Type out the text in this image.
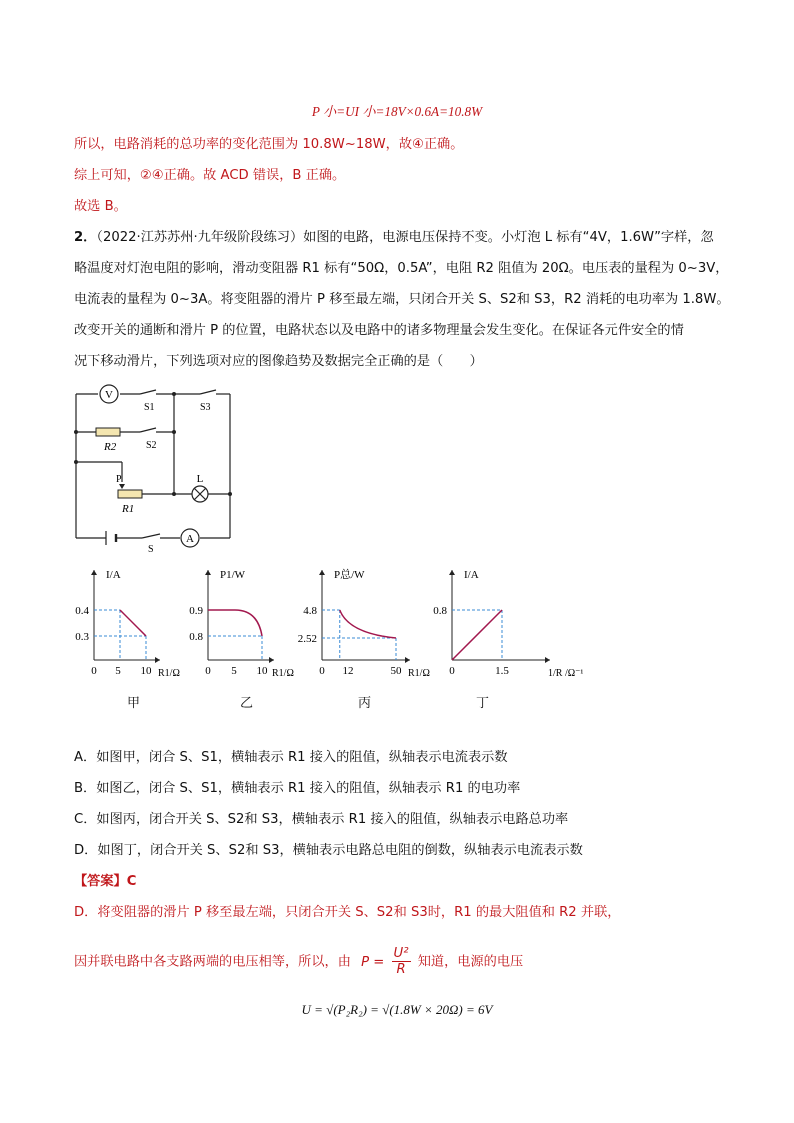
P 小=UI 小=18V×0.6A=10.8W
所以，电路消耗的总功率的变化范围为 10.8W~18W，故④正确。
综上可知，②④正确。故 ACD 错误，B 正确。
故选 B。
2．（2022·江苏苏州·九年级阶段练习）如图的电路，电源电压保持不变。小灯泡 L 标有“4V，1.6W”字样，忽
略温度对灯泡电阻的影响，滑动变阻器 R1 标有“50Ω，0.5A”，电阻 R2 阻值为 20Ω。电压表的量程为 0~3V，
电流表的量程为 0~3A。将变阻器的滑片 P 移至最左端，只闭合开关 S、S2和 S3，R2 消耗的电功率为 1.8W。
改变开关的通断和滑片 P 的位置，电路状态以及电路中的诸多物理量会发生变化。在保证各元件安全的情
况下移动滑片，下列选项对应的图像趋势及数据完全正确的是（　　）
V
A
L
R2
P
R1
S1	S3
S2
S
I/A
R1/Ω
0 5 10
0.4
0.3
P1/W
R1/Ω
0 5 10
0.9
0.8
P总/W
R1/Ω
0 12	50
4.8
2.52
I/A
1/R /Ω⁻¹
0	1.5
0.8
甲	乙	丙	丁
A．如图甲，闭合 S、S1，横轴表示 R1 接入的阻值，纵轴表示电流表示数
B．如图乙，闭合 S、S1，横轴表示 R1 接入的阻值，纵轴表示 R1 的电功率
C．如图丙，闭合开关 S、S2和 S3，横轴表示 R1 接入的阻值，纵轴表示电路总功率
D．如图丁，闭合开关 S、S2和 S3，横轴表示电路总电阻的倒数，纵轴表示电流表示数
【答案】C
D．将变阻器的滑片 P 移至最左端，只闭合开关 S、S2和 S3时，R1 的最大阻值和 R2 并联，
因并联电路中各支路两端的电压相等，所以，由 $P = \frac{\text{U²}}{R}$ 知道，电源的电压
U = √(P₂R₂) = √(1.8W × 20Ω) = 6V
